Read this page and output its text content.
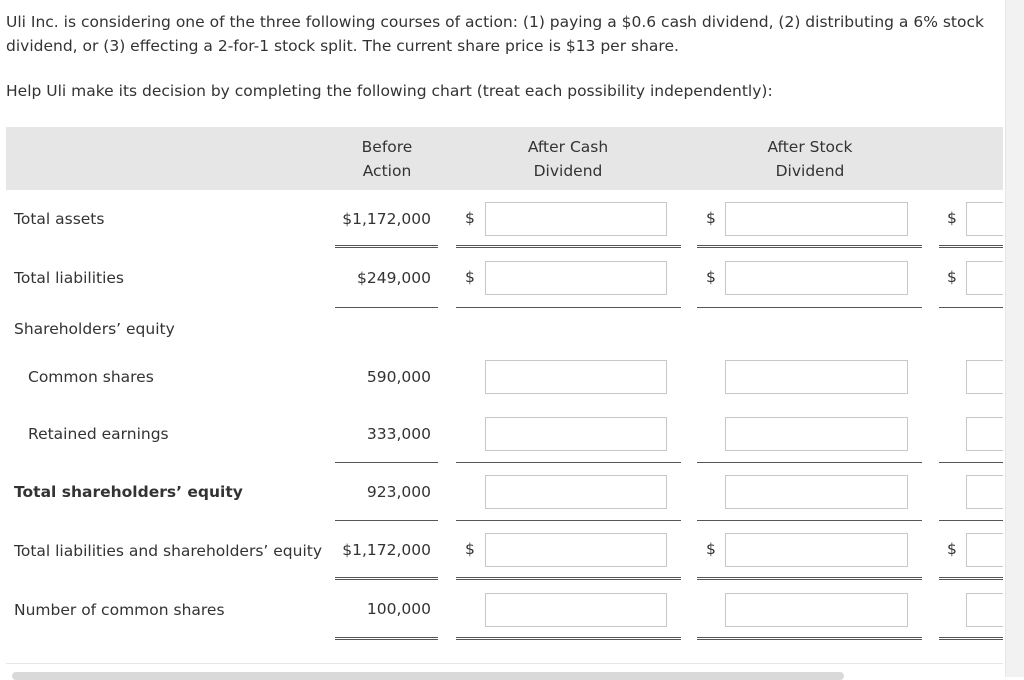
Uli Inc. is considering one of the three following courses of action: (1) paying a $0.6 cash dividend, (2) distributing a 6% stock dividend, or (3) effecting a 2-for-1 stock split. The current share price is $13 per share.
Help Uli make its decision by completing the following chart (treat each possibility independently):
Before
Action
After Cash
Dividend
After Stock
Dividend
Total assets	$1,172,000 $	$	$
Total liabilities	$249,000 $	$	$
Shareholders’ equity
Common shares	590,000
Retained earnings	333,000
Total shareholders’ equity	923,000
Total liabilities and shareholders’ equity	$1,172,000 $	$	$
Number of common shares	100,000
